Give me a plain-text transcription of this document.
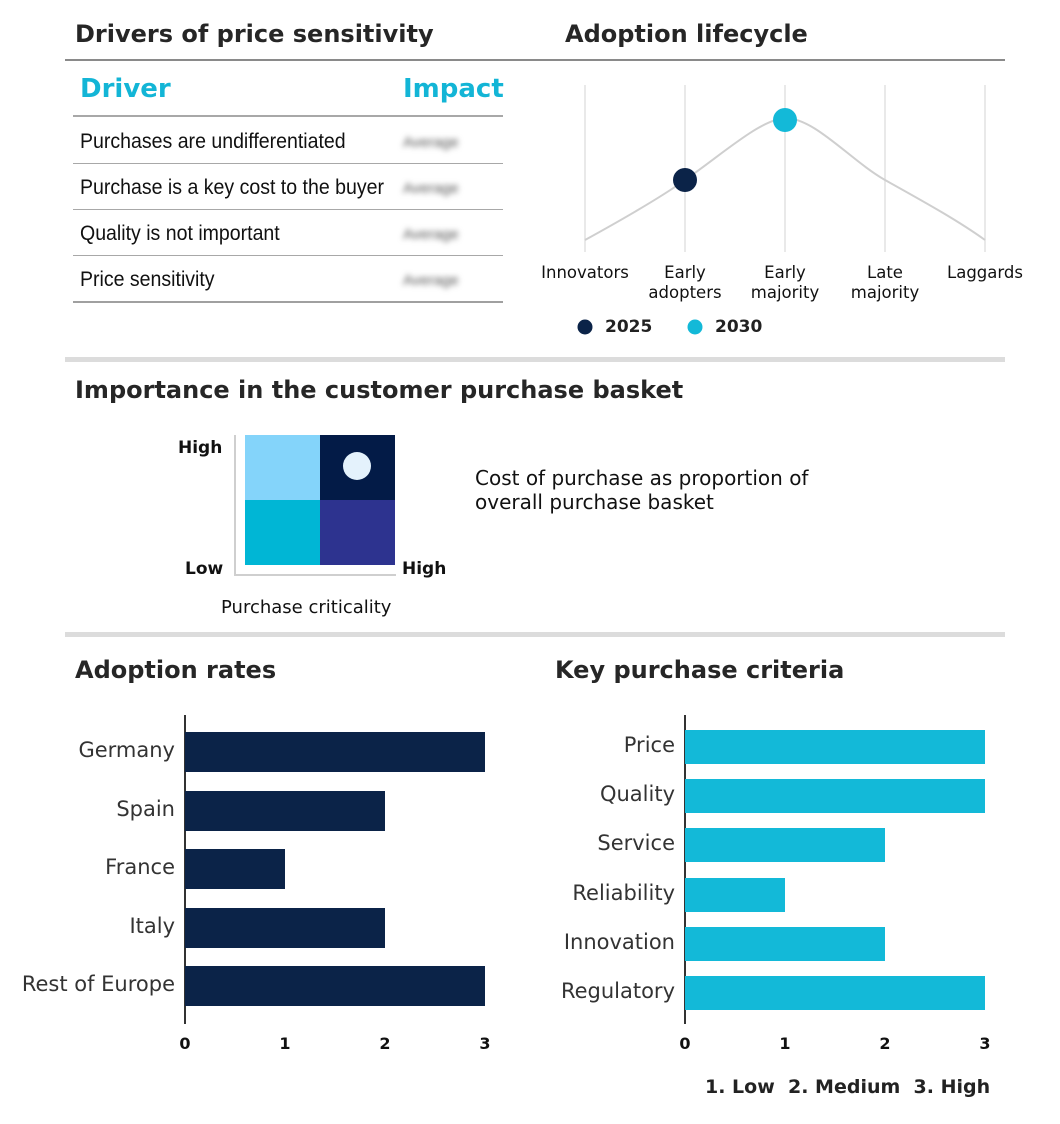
Drivers of price sensitivity
Driver	Impact
Purchases are undifferentiated	Average
Purchase is a key cost to the buyer Average
Quality is not important	Average
Price sensitivity	Average
Adoption lifecycle
Innovators	Early
adopters
Early
majority
Late
majority
Laggards

2025	2030
Importance in the customer purchase basket
High
Low	High
Purchase criticality
Cost of purchase as proportion of
overall purchase basket
Adoption rates
Germany
Spain
France
Italy
Rest of Europe
0	1	2	3
Key purchase criteria
Price
Quality
Service
Reliability
Innovation
Regulatory
0	1	2	3
1. Low 2. Medium 3. High
